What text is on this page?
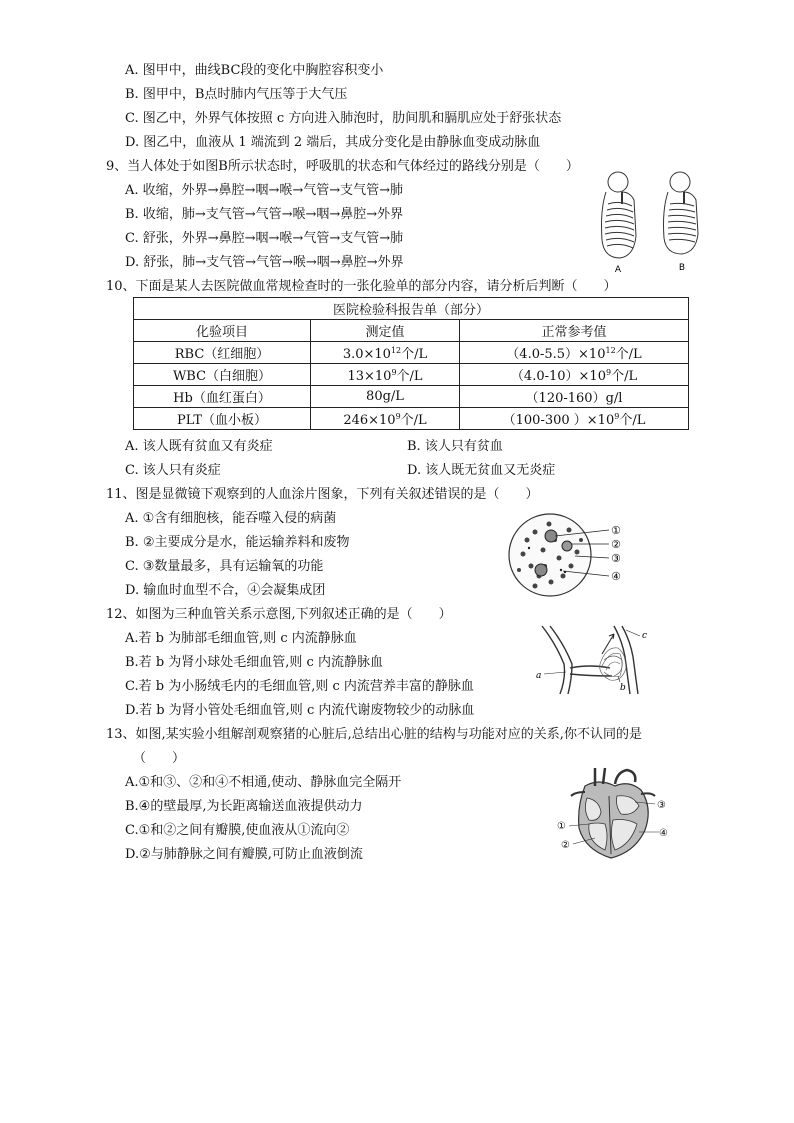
A. 图甲中，曲线BC段的变化中胸腔容积变小
B. 图甲中，B点时肺内气压等于大气压
C. 图乙中，外界气体按照 c 方向进入肺泡时，肋间肌和膈肌应处于舒张状态
D. 图乙中，血液从 1 端流到 2 端后，其成分变化是由静脉血变成动脉血
9、当人体处于如图B所示状态时，呼吸肌的状态和气体经过的路线分别是（　　）
A. 收缩，外界→鼻腔→咽→喉→气管→支气管→肺
B. 收缩，肺→支气管→气管→喉→咽→鼻腔→外界
C. 舒张，外界→鼻腔→咽→喉→气管→支气管→肺
D. 舒张，肺→支气管→气管→喉→咽→鼻腔→外界	A	B
10、下面是某人去医院做血常规检查时的一张化验单的部分内容，请分析后判断（　　）
医院检验科报告单（部分）		
化验项目	测定值	正常参考值
RBC（红细胞）	$3.0\times 10^{12}$个/L	$(4.0-5.5)\times 10^{12}$个/L
WBC（白细胞）	$13\times 10^9$个/L	$(4.0-10)\times 10^9$个/L
Hb（血红蛋白）	80g/L	（120-160）g/l
PLT（血小板）	$246\times 10^9$个/L	（100-300 ）$\times 10^9$个/L
A. 该人既有贫血又有炎症	B. 该人只有贫血
C. 该人只有炎症	D. 该人既无贫血又无炎症
11、图是显微镜下观察到的人血涂片图象，下列有关叙述错误的是（　　）
A. ①含有细胞核，能吞噬入侵的病菌
B. ②主要成分是水，能运输养料和废物
C. ③数量最多，具有运输氧的功能
D. 输血时血型不合，④会凝集成团
①
②
③
④
12、如图为三种血管关系示意图,下列叙述正确的是（　　）
A.若 b 为肺部毛细血管,则 c 内流静脉血
B.若 b 为肾小球处毛细血管,则 c 内流静脉血
C.若 b 为小肠绒毛内的毛细血管,则 c 内流营养丰富的静脉血
D.若 b 为肾小管处毛细血管,则 c 内流代谢废物较少的动脉血
a
b
c
13、如图,某实验小组解剖观察猪的心脏后,总结出心脏的结构与功能对应的关系,你不认同的是
（　　）
A.①和③、②和④不相通,使动、静脉血完全隔开
B.④的壁最厚,为长距离输送血液提供动力
C.①和②之间有瓣膜,使血液从①流向②
D.②与肺静脉之间有瓣膜,可防止血液倒流
①
②
③
④
